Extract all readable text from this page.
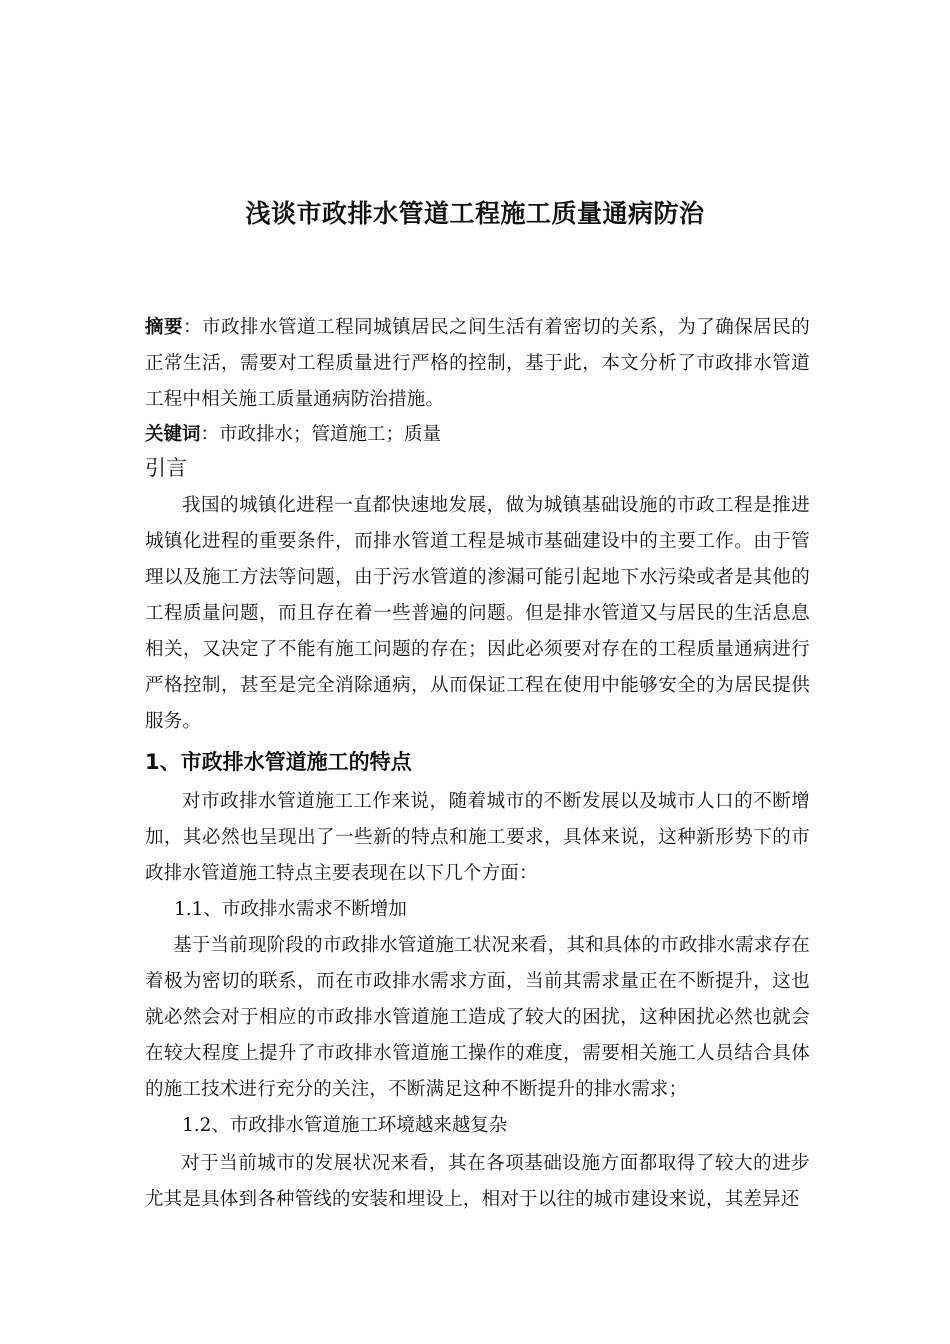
浅谈市政排水管道工程施工质量通病防治
摘要：市政排水管道工程同城镇居民之间生活有着密切的关系，为了确保居民的正常生活，需要对工程质量进行严格的控制，基于此，本文分析了市政排水管道工程中相关施工质量通病防治措施。
关键词：市政排水；管道施工；质量
引言
我国的城镇化进程一直都快速地发展，做为城镇基础设施的市政工程是推进城镇化进程的重要条件，而排水管道工程是城市基础建设中的主要工作。由于管理以及施工方法等问题，由于污水管道的渗漏可能引起地下水污染或者是其他的工程质量问题，而且存在着一些普遍的问题。但是排水管道又与居民的生活息息相关，又决定了不能有施工问题的存在；因此必须要对存在的工程质量通病进行严格控制，甚至是完全消除通病，从而保证工程在使用中能够安全的为居民提供服务。
1、市政排水管道施工的特点
对市政排水管道施工工作来说，随着城市的不断发展以及城市人口的不断增加，其必然也呈现出了一些新的特点和施工要求，具体来说，这种新形势下的市政排水管道施工特点主要表现在以下几个方面：
1.1、市政排水需求不断增加
基于当前现阶段的市政排水管道施工状况来看，其和具体的市政排水需求存在着极为密切的联系，而在市政排水需求方面，当前其需求量正在不断提升，这也就必然会对于相应的市政排水管道施工造成了较大的困扰，这种困扰必然也就会在较大程度上提升了市政排水管道施工操作的难度，需要相关施工人员结合具体的施工技术进行充分的关注，不断满足这种不断提升的排水需求；
1.2、市政排水管道施工环境越来越复杂
对于当前城市的发展状况来看，其在各项基础设施方面都取得了较大的进步尤其是具体到各种管线的安装和埋设上，相对于以往的城市建设来说，其差异还
